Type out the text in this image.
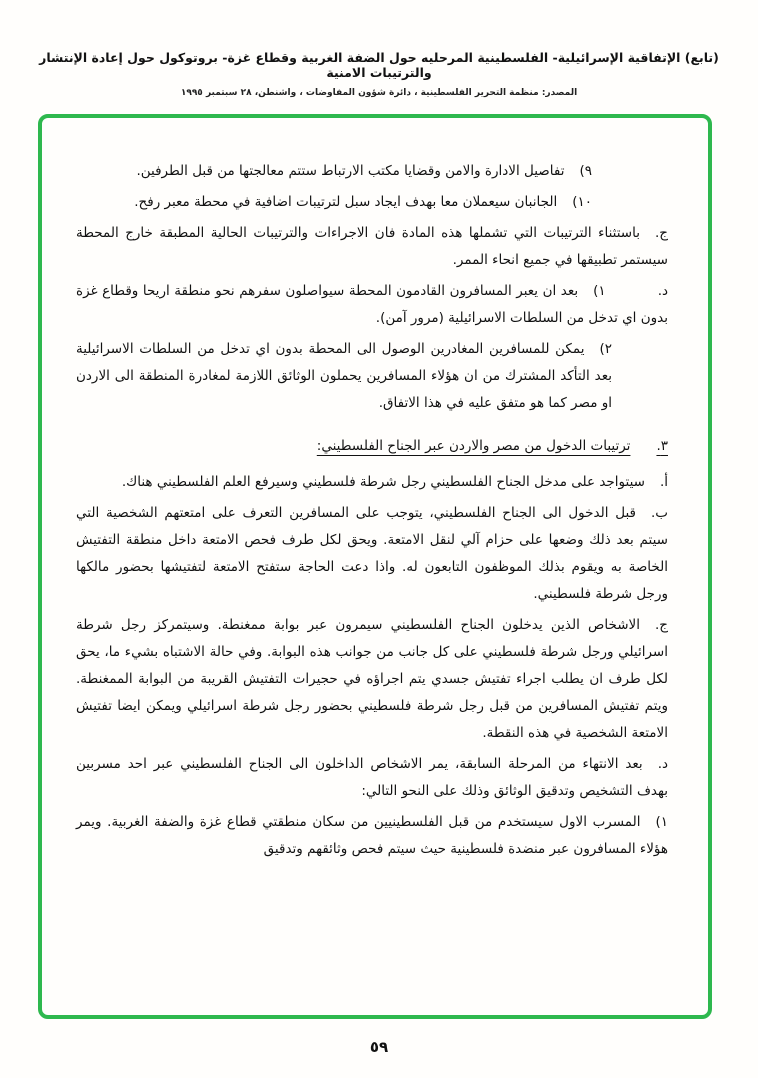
(تابع) الإتفاقية الإسرائيلية- الفلسطينية المرحليه حول الضفة الغربية وقطاع غزة- بروتوكول حول إعادة الإنتشار والترتيبات الامنية
المصدر: منظمة التحرير الفلسطينية ، دائرة شؤون المفاوضات ، واشنطن، ٢٨ سبتمبر ١٩٩٥

٩)تفاصيل الادارة والامن وقضايا مكتب الارتباط ستتم معالجتها من قبل الطرفين.

١٠)الجانبان سيعملان معا بهدف ايجاد سبل لترتيبات اضافية في محطة معبر رفح.

ج.باستثناء الترتيبات التي تشملها هذه المادة فان الاجراءات والترتيبات الحالية المطبقة خارج المحطة سيستمر تطبيقها في جميع انحاء الممر.

د.١)بعد ان يعبر المسافرون القادمون المحطة سيواصلون سفرهم نحو منطقة اريحا وقطاع غزة بدون اي تدخل من السلطات الاسرائيلية (مرور آمن).

٢)يمكن للمسافرين المغادرين الوصول الى المحطة بدون اي تدخل من السلطات الاسرائيلية بعد التأكد المشترك من ان هؤلاء المسافرين يحملون الوثائق اللازمة لمغادرة المنطقة الى الاردن او مصر كما هو متفق عليه في هذا الاتفاق.

٣.ترتيبات الدخول من مصر والاردن عبر الجناح الفلسطيني:

أ.سيتواجد على مدخل الجناح الفلسطيني رجل شرطة فلسطيني وسيرفع العلم الفلسطيني هناك.

ب.قبل الدخول الى الجناح الفلسطيني، يتوجب على المسافرين التعرف على امتعتهم الشخصية التي سيتم بعد ذلك وضعها على حزام آلي لنقل الامتعة. ويحق لكل طرف فحص الامتعة داخل منطقة التفتيش الخاصة به ويقوم بذلك الموظفون التابعون له. واذا دعت الحاجة ستفتح الامتعة لتفتيشها بحضور مالكها ورجل شرطة فلسطيني.

ج.الاشخاص الذين يدخلون الجناح الفلسطيني سيمرون عبر بوابة ممغنطة. وسيتمركز رجل شرطة اسرائيلي ورجل شرطة فلسطيني على كل جانب من جوانب هذه البوابة. وفي حالة الاشتباه بشيء ما، يحق لكل طرف ان يطلب اجراء تفتيش جسدي يتم اجراؤه في حجيرات التفتيش القريبة من البوابة الممغنطة. ويتم تفتيش المسافرين من قبل رجل شرطة فلسطيني بحضور رجل شرطة اسرائيلي ويمكن ايضا تفتيش الامتعة الشخصية في هذه النقطة.

د.بعد الانتهاء من المرحلة السابقة، يمر الاشخاص الداخلون الى الجناح الفلسطيني عبر احد مسربين بهدف التشخيص وتدقيق الوثائق وذلك على النحو التالي:

١)المسرب الاول سيستخدم من قبل الفلسطينيين من سكان منطقتي قطاع غزة والضفة الغربية. ويمر هؤلاء المسافرون عبر منضدة فلسطينية حيث سيتم فحص وثائقهم وتدقيق

٥٩
